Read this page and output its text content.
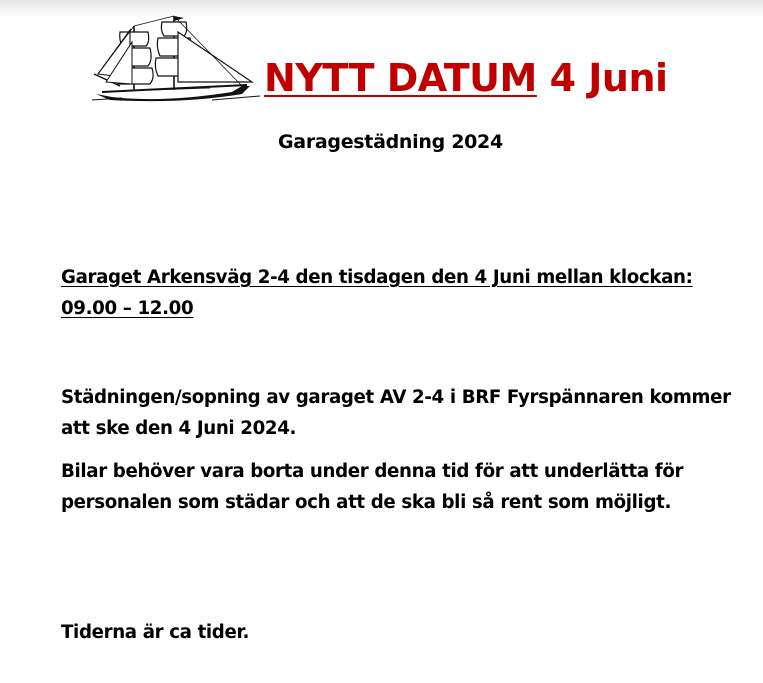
NYTT DATUM 4 Juni
Garagestädning 2024
Garaget Arkensväg 2-4 den tisdagen den 4 Juni mellan klockan:
09.00 – 12.00
Städningen/sopning av garaget AV 2-4 i BRF Fyrspännaren kommer
att ske den 4 Juni 2024.
Bilar behöver vara borta under denna tid för att underlätta för
personalen som städar och att de ska bli så rent som möjligt.
Tiderna är ca tider.
